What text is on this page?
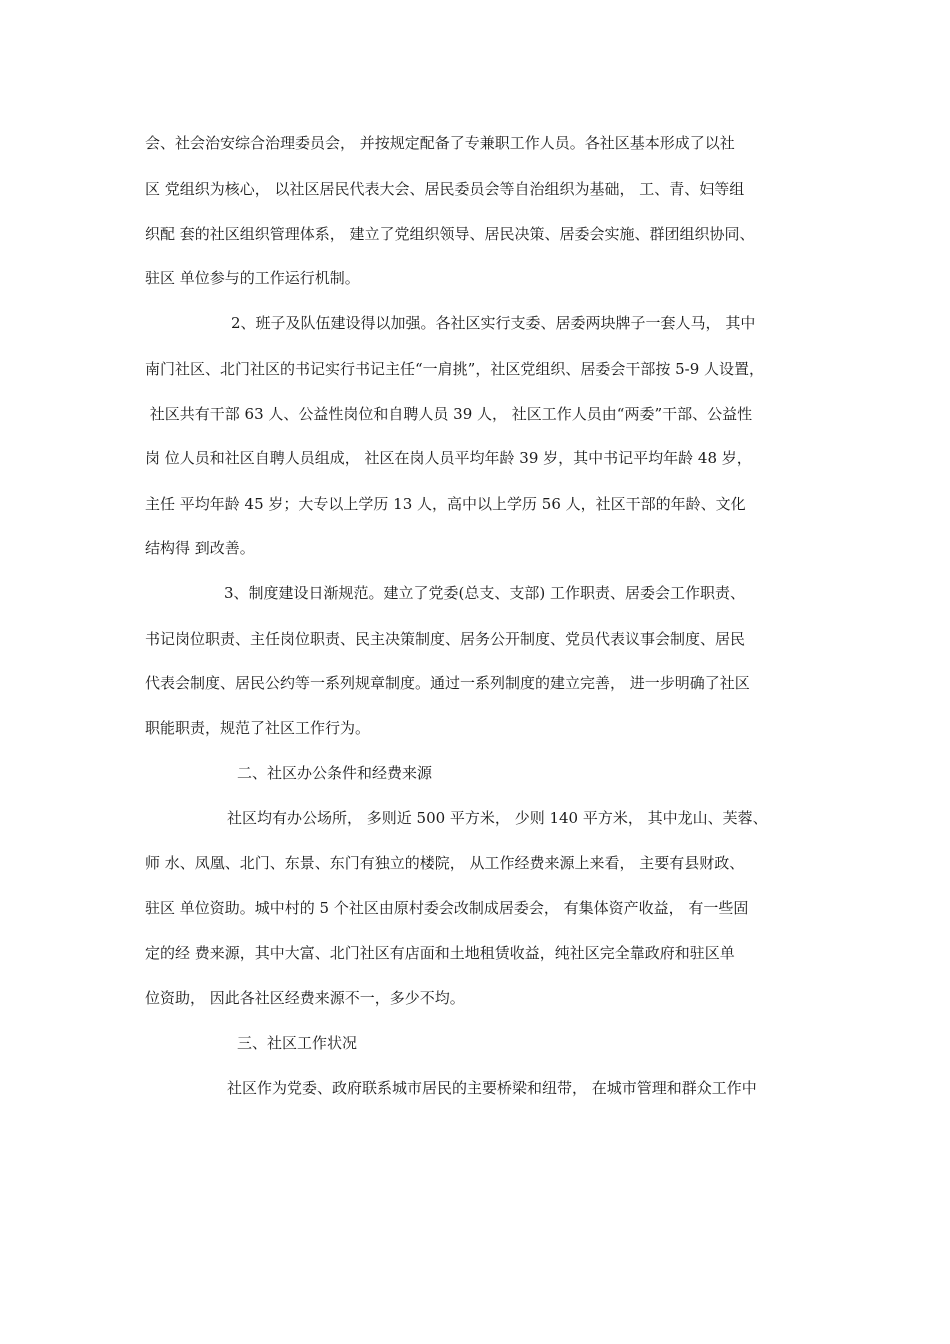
会、社会治安综合治理委员会， 并按规定配备了专兼职工作人员。各社区基本形成了以社
区 党组织为核心， 以社区居民代表大会、居民委员会等自治组织为基础， 工、青、妇等组
织配 套的社区组织管理体系， 建立了党组织领导、居民决策、居委会实施、群团组织协同、
驻区 单位参与的工作运行机制。
2、班子及队伍建设得以加强。各社区实行支委、居委两块牌子一套人马， 其中
南门社区、北门社区的书记实行书记主任“一肩挑”，社区党组织、居委会干部按 5-9 人设置，
社区共有干部 63 人、公益性岗位和自聘人员 39 人， 社区工作人员由“两委”干部、公益性
岗 位人员和社区自聘人员组成， 社区在岗人员平均年龄 39 岁，其中书记平均年龄 48 岁，
主任 平均年龄 45 岁；大专以上学历 13 人，高中以上学历 56 人，社区干部的年龄、文化
结构得 到改善。
3、制度建设日渐规范。建立了党委(总支、支部) 工作职责、居委会工作职责、
书记岗位职责、主任岗位职责、民主决策制度、居务公开制度、党员代表议事会制度、居民
代表会制度、居民公约等一系列规章制度。通过一系列制度的建立完善， 进一步明确了社区
职能职责，规范了社区工作行为。
二、社区办公条件和经费来源
社区均有办公场所， 多则近 500 平方米， 少则 140 平方米， 其中龙山、芙蓉、
师 水、凤凰、北门、东景、东门有独立的楼院， 从工作经费来源上来看， 主要有县财政、
驻区 单位资助。城中村的 5 个社区由原村委会改制成居委会， 有集体资产收益， 有一些固
定的经 费来源，其中大富、北门社区有店面和土地租赁收益，纯社区完全靠政府和驻区单
位资助， 因此各社区经费来源不一，多少不均。
三、社区工作状况
社区作为党委、政府联系城市居民的主要桥梁和纽带， 在城市管理和群众工作中
